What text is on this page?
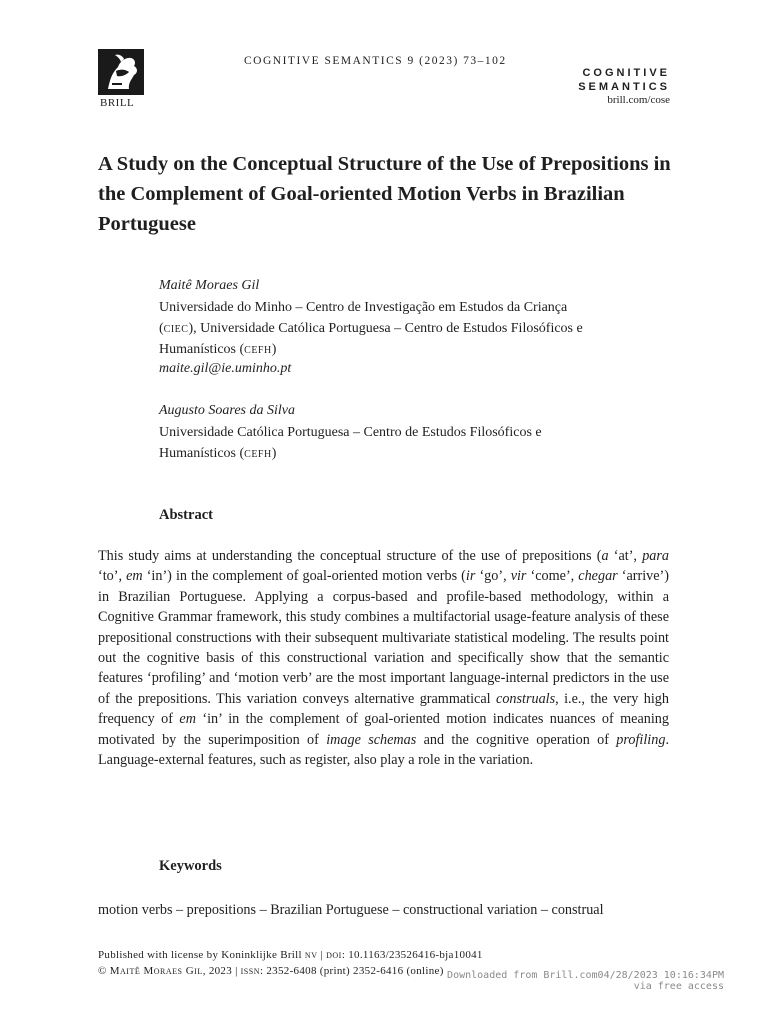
BRILL
COGNITIVE SEMANTICS 9 (2023) 73–102
COGNITIVE
SEMANTICS
brill.com/cose
A Study on the Conceptual Structure of the Use of Prepositions in the Complement of Goal-oriented Motion Verbs in Brazilian Portuguese
Maitê Moraes Gil
Universidade do Minho – Centro de Investigação em Estudos da Criança
(ciec), Universidade Católica Portuguesa – Centro de Estudos Filosóficos e
Humanísticos (cefh)
maite.gil@ie.uminho.pt
Augusto Soares da Silva
Universidade Católica Portuguesa – Centro de Estudos Filosóficos e
Humanísticos (cefh)
Abstract
This study aims at understanding the conceptual structure of the use of prepositions (a ‘at’, para ‘to’, em ‘in’) in the complement of goal-oriented motion verbs (ir ‘go’, vir ‘come’, chegar ‘arrive’) in Brazilian Portuguese. Applying a corpus-based and profile-based methodology, within a Cognitive Grammar framework, this study combines a multifactorial usage-feature analysis of these prepositional constructions with their subsequent multivariate statistical modeling. The results point out the cognitive basis of this constructional variation and specifically show that the semantic features ‘profiling’ and ‘motion verb’ are the most important language-internal predictors in the use of the prepositions. This variation conveys alternative grammatical construals, i.e., the very high frequency of em ‘in’ in the complement of goal-oriented motion indicates nuances of meaning motivated by the superimposition of image schemas and the cognitive operation of profiling. Language-external features, such as register, also play a role in the variation.
Keywords
motion verbs – prepositions – Brazilian Portuguese – constructional variation – construal
Published with license by Koninklijke Brill nv | doi: 10.1163/23526416-bja10041
© Maitê Moraes Gil, 2023 | issn: 2352-6408 (print) 2352-6416 (online) Downloaded from Brill.com04/28/2023 10:16:34PM
via free access
